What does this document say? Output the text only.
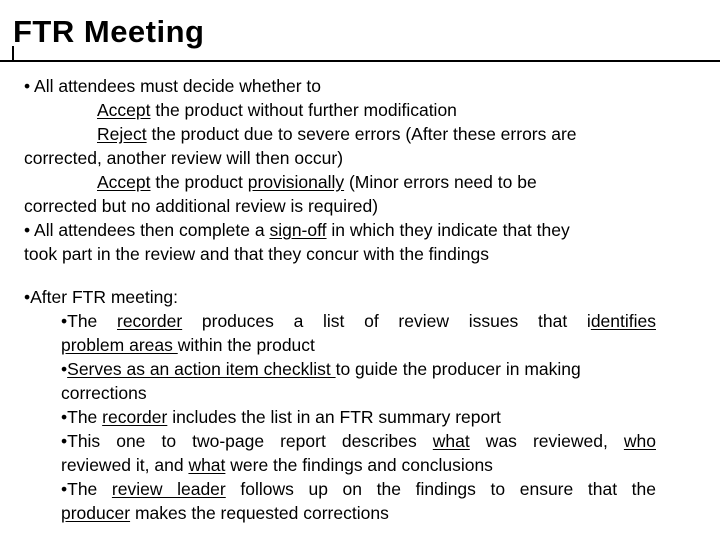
FTR Meeting
• All attendees must decide whether to
Accept the product without further modification
Reject the product due to severe errors (After these errors are
corrected, another review will then occur)
Accept the product provisionally (Minor errors need to be
corrected but no additional review is required)
• All attendees then complete a sign-off in which they indicate that they
took part in the review and that they concur with the findings
•After FTR meeting:
•The recorder produces a list of review issues that identifies
problem areas within the product
•Serves as an action item checklist to guide the producer in making
corrections
•The recorder includes the list in an FTR summary report
•This one to two-page report describes what was reviewed, who
reviewed it, and what were the findings and conclusions
•The review leader follows up on the findings to ensure that the
producer makes the requested corrections
